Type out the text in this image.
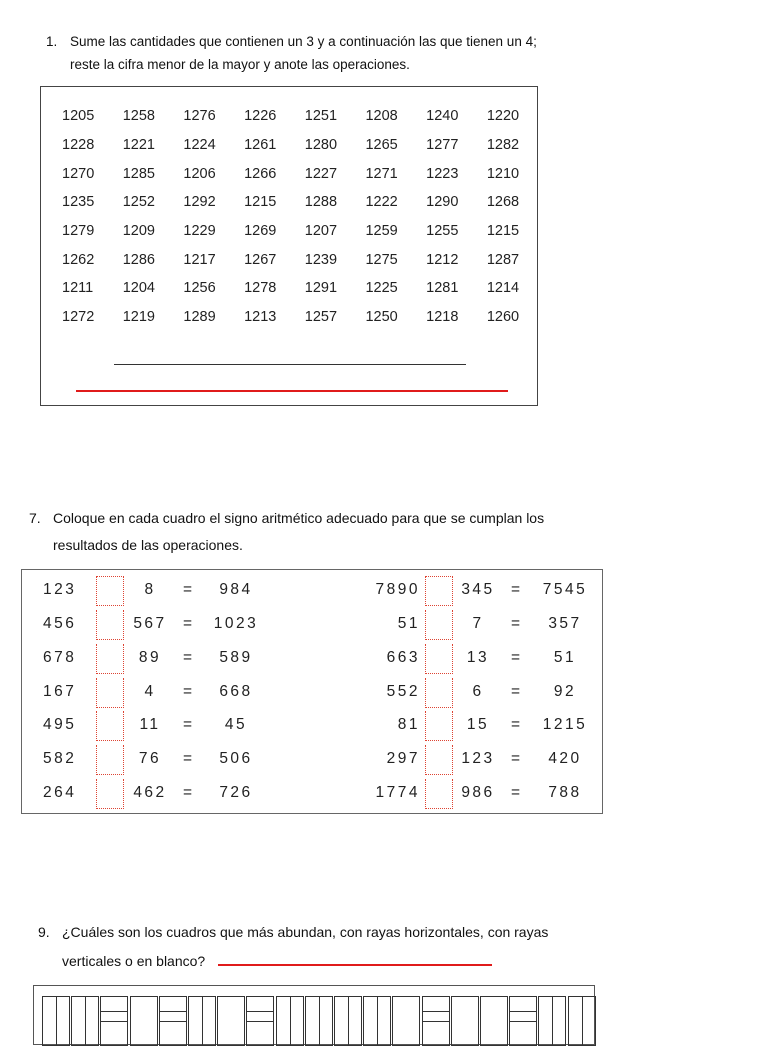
1. Sume las cantidades que contienen un 3 y a continuación las que tienen un 4;
reste la cifra menor de la mayor y anote las operaciones.
1205	1258	1276	1226	1251	1208	1240	1220
1228	1221	1224	1261	1280	1265	1277	1282
1270	1285	1206	1266	1227	1271	1223	1210
1235	1252	1292	1215	1288	1222	1290	1268
1279	1209	1229	1269	1207	1259	1255	1215
1262	1286	1217	1267	1239	1275	1212	1287
1211	1204	1256	1278	1291	1225	1281	1214
1272	1219	1289	1213	1257	1250	1218	1260
7. Coloque en cada cuadro el signo aritmético adecuado para que se cumplan los
resultados de las operaciones.
123	8	=	984
456	567	=	1023
678	89	=	589
167	4	=	668
495	11	=	45
582	76	=	506
264	462	=	726
7890	345	=	7545
51	7	=	357
663	13	=	51
552	6	=	92
81	15	=	1215
297	123	=	420
1774	986	=	788
9. ¿Cuáles son los cuadros que más abundan, con rayas horizontales, con rayas
verticales o en blanco?
